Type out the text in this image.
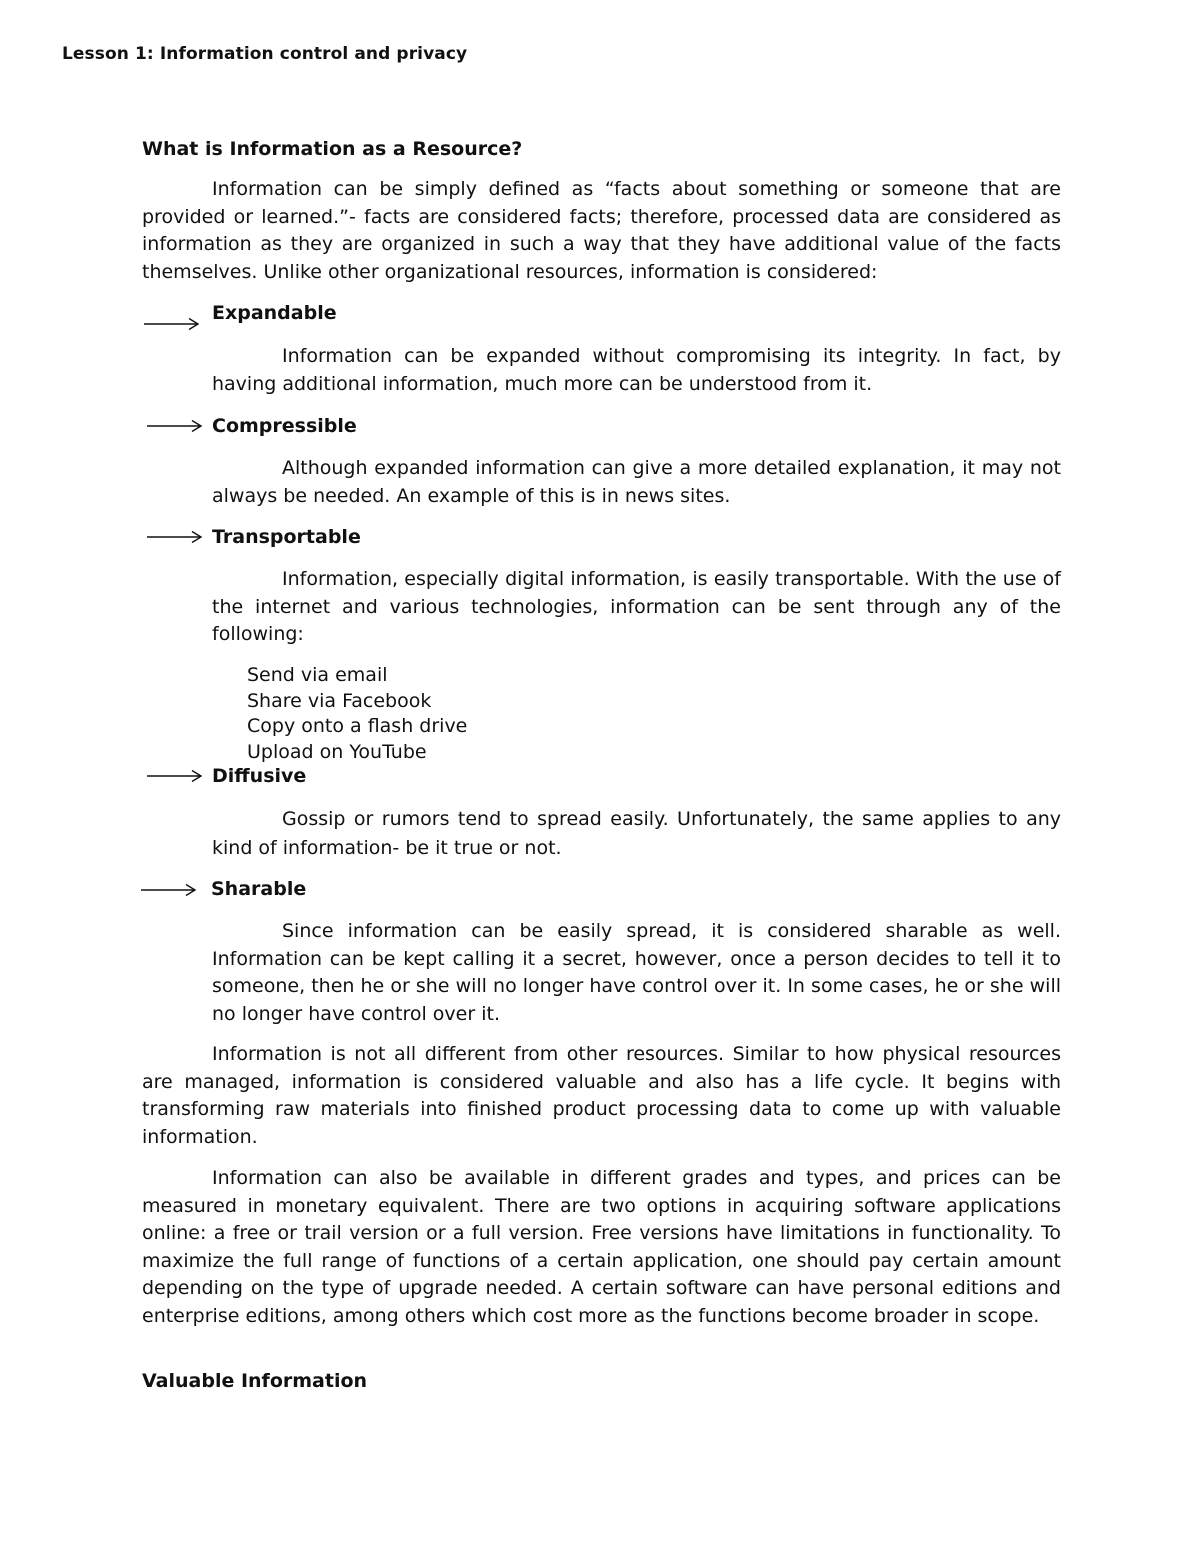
Lesson 1: Information control and privacy
What is Information as a Resource?

Information can be simply defined as “facts about something or someone that are provided or learned.”- facts are considered facts; therefore, processed data are considered as information as they are organized in such a way that they have additional value of the facts themselves. Unlike other organizational resources, information is considered:

Expandable

Information can be expanded without compromising its integrity. In fact, by having additional information, much more can be understood from it.

Compressible

Although expanded information can give a more detailed explanation, it may not always be needed. An example of this is in news sites.

Transportable

Information, especially digital information, is easily transportable. With the use of the internet and various technologies, information can be sent through any of the following:

Send via email
Share via Facebook
Copy onto a flash drive
Upload on YouTube
Diffusive

Gossip or rumors tend to spread easily. Unfortunately, the same applies to any kind of information- be it true or not.

Sharable

Since information can be easily spread, it is considered sharable as well. Information can be kept calling it a secret, however, once a person decides to tell it to someone, then he or she will no longer have control over it. In some cases, he or she will no longer have control over it.

Information is not all different from other resources. Similar to how physical resources are managed, information is considered valuable and also has a life cycle. It begins with transforming raw materials into finished product processing data to come up with valuable information.

Information can also be available in different grades and types, and prices can be measured in monetary equivalent. There are two options in acquiring software applications online: a free or trail version or a full version. Free versions have limitations in functionality. To maximize the full range of functions of a certain application, one should pay certain amount depending on the type of upgrade needed. A certain software can have personal editions and enterprise editions, among others which cost more as the functions become broader in scope.

Valuable Information
